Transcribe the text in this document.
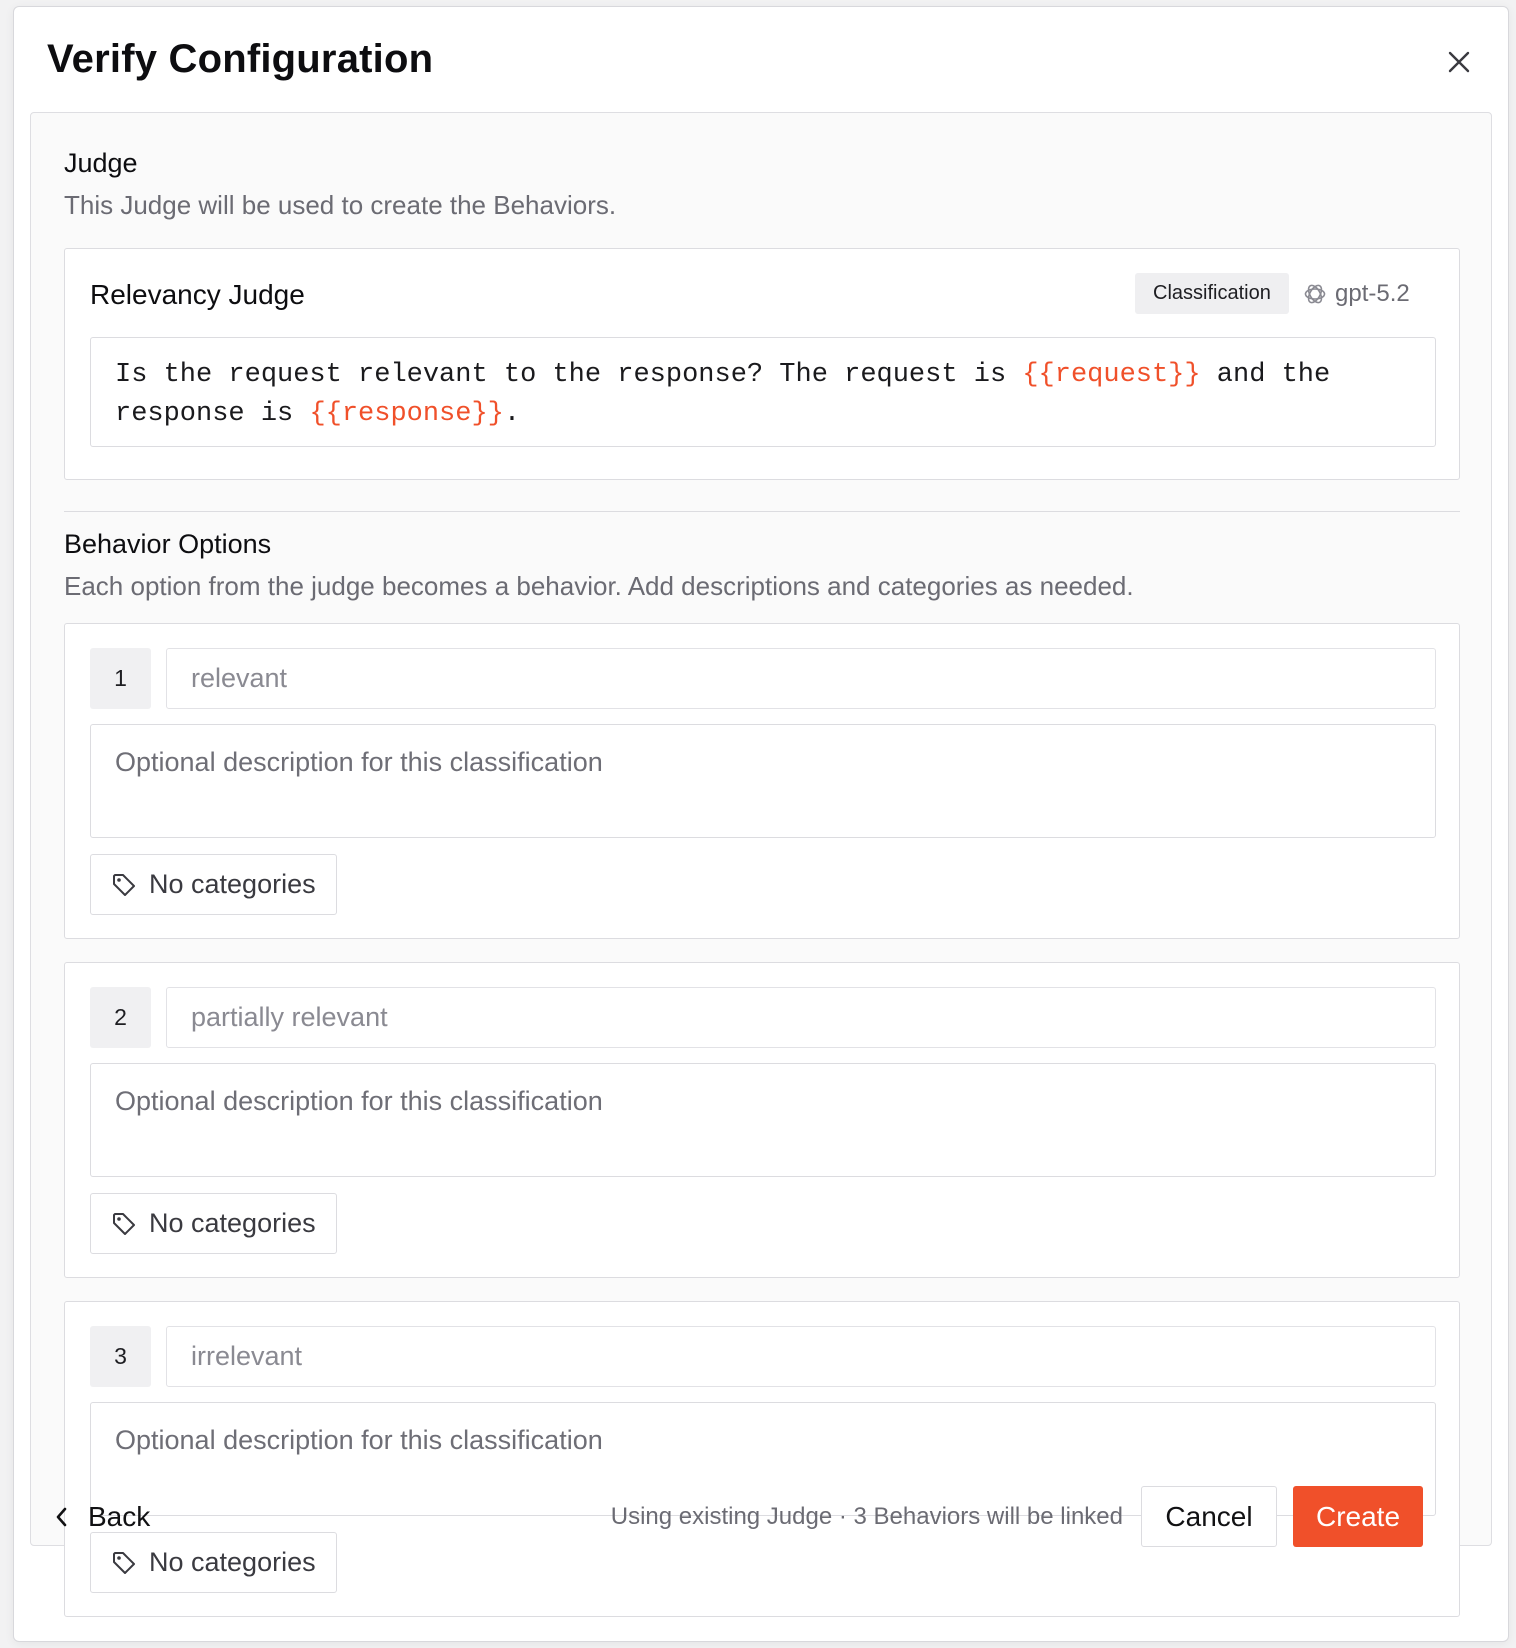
Verify Configuration
Judge
This Judge will be used to create the Behaviors.
Relevancy Judge	Classification	gpt-5.2
Is the request relevant to the response? The request is {{request}} and the response is {{response}}.
Behavior Options
Each option from the judge becomes a behavior. Add descriptions and categories as needed.
1
relevant
Optional description for this classification
No categories
2
partially relevant
Optional description for this classification
No categories
3
irrelevant
Optional description for this classification
No categories
Back	Using existing Judge · 3 Behaviors will be linked	Cancel	Create
